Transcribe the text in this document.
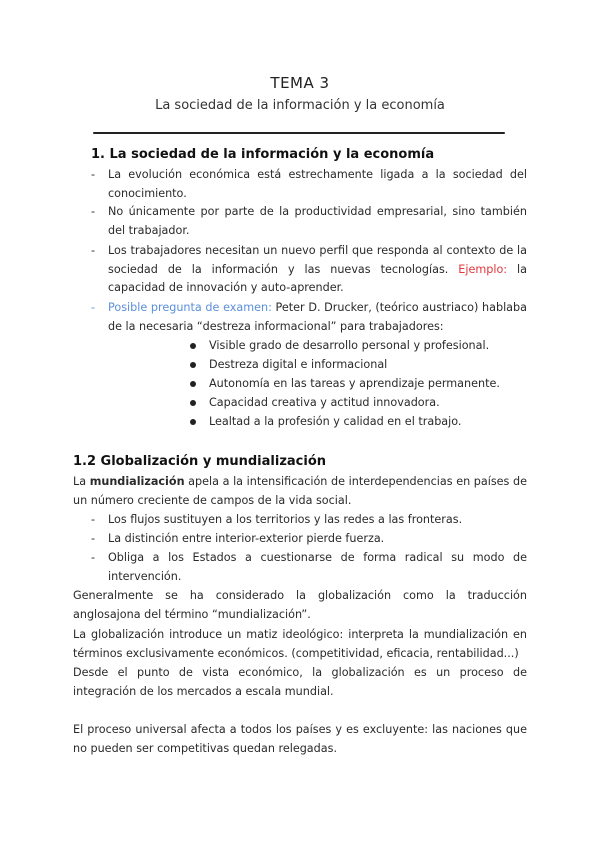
TEMA 3
La sociedad de la información y la economía
1. La sociedad de la información y la economía
-	La evolución económica está estrechamente ligada a la sociedad del conocimiento.
-	No únicamente por parte de la productividad empresarial, sino también del trabajador.
-	Los trabajadores necesitan un nuevo perfil que responda al contexto de la sociedad de la información y las nuevas tecnologías. Ejemplo: la capacidad de innovación y auto-aprender.
-	Posible pregunta de examen: Peter D. Drucker, (teórico austriaco) hablaba de la necesaria “destreza informacional” para trabajadores:
Visible grado de desarrollo personal y profesional.
Destreza digital e informacional
Autonomía en las tareas y aprendizaje permanente.
Capacidad creativa y actitud innovadora.
Lealtad a la profesión y calidad en el trabajo.
1.2 Globalización y mundialización
La mundialización apela a la intensificación de interdependencias en países de un número creciente de campos de la vida social.
-	Los flujos sustituyen a los territorios y las redes a las fronteras.
-	La distinción entre interior-exterior pierde fuerza.
-	Obliga a los Estados a cuestionarse de forma radical su modo de intervención.
Generalmente se ha considerado la globalización como la traducción anglosajona del término “mundialización”.
La globalización introduce un matiz ideológico: interpreta la mundialización en términos exclusivamente económicos. (competitividad, eficacia, rentabilidad...)
Desde el punto de vista económico, la globalización es un proceso de integración de los mercados a escala mundial.
El proceso universal afecta a todos los países y es excluyente: las naciones que no pueden ser competitivas quedan relegadas.
